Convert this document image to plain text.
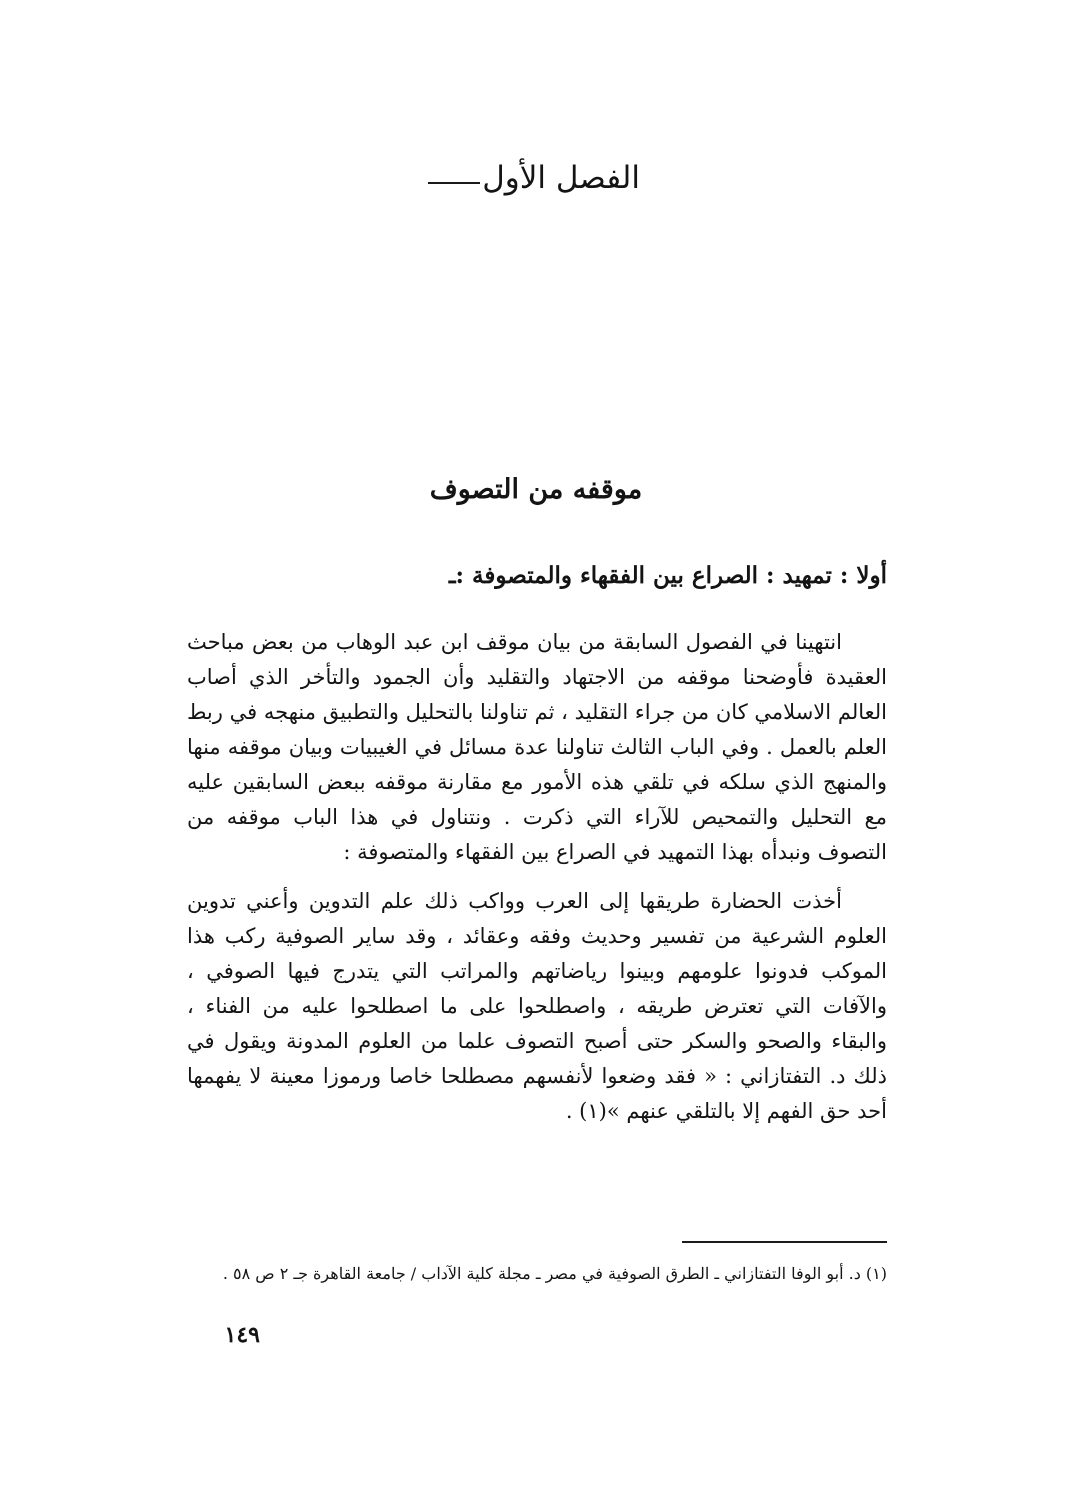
الفصل الأول
موقفه من التصوف
أولا : تمهيد : الصراع بين الفقهاء والمتصوفة :ـ

انتهينا في الفصول السابقة من بيان موقف ابن عبد الوهاب من بعض مباحث العقيدة فأوضحنا موقفه من الاجتهاد والتقليد وأن الجمود والتأخر الذي أصاب العالم الاسلامي كان من جراء التقليد ، ثم تناولنا بالتحليل والتطبيق منهجه في ربط العلم بالعمل . وفي الباب الثالث تناولنا عدة مسائل في الغيبيات وبيان موقفه منها والمنهج الذي سلكه في تلقي هذه الأمور مع مقارنة موقفه ببعض السابقين عليه مع التحليل والتمحيص للآراء التي ذكرت . ونتناول في هذا الباب موقفه من التصوف ونبدأه بهذا التمهيد في الصراع بين الفقهاء والمتصوفة :

أخذت الحضارة طريقها إلى العرب وواكب ذلك علم التدوين وأعني تدوين العلوم الشرعية من تفسير وحديث وفقه وعقائد ، وقد ساير الصوفية ركب هذا الموكب فدونوا علومهم وبينوا رياضاتهم والمراتب التي يتدرج فيها الصوفي ، والآفات التي تعترض طريقه ، واصطلحوا على ما اصطلحوا عليه من الفناء ، والبقاء والصحو والسكر حتى أصبح التصوف علما من العلوم المدونة ويقول في ذلك د. التفتازاني : « فقد وضعوا لأنفسهم مصطلحا خاصا ورموزا معينة لا يفهمها أحد حق الفهم إلا بالتلقي عنهم »(١) .

(١) د. أبو الوفا التفتازاني ـ الطرق الصوفية في مصر ـ مجلة كلية الآداب / جامعة القاهرة جـ ٢ ص ٥٨ .
١٤٩
